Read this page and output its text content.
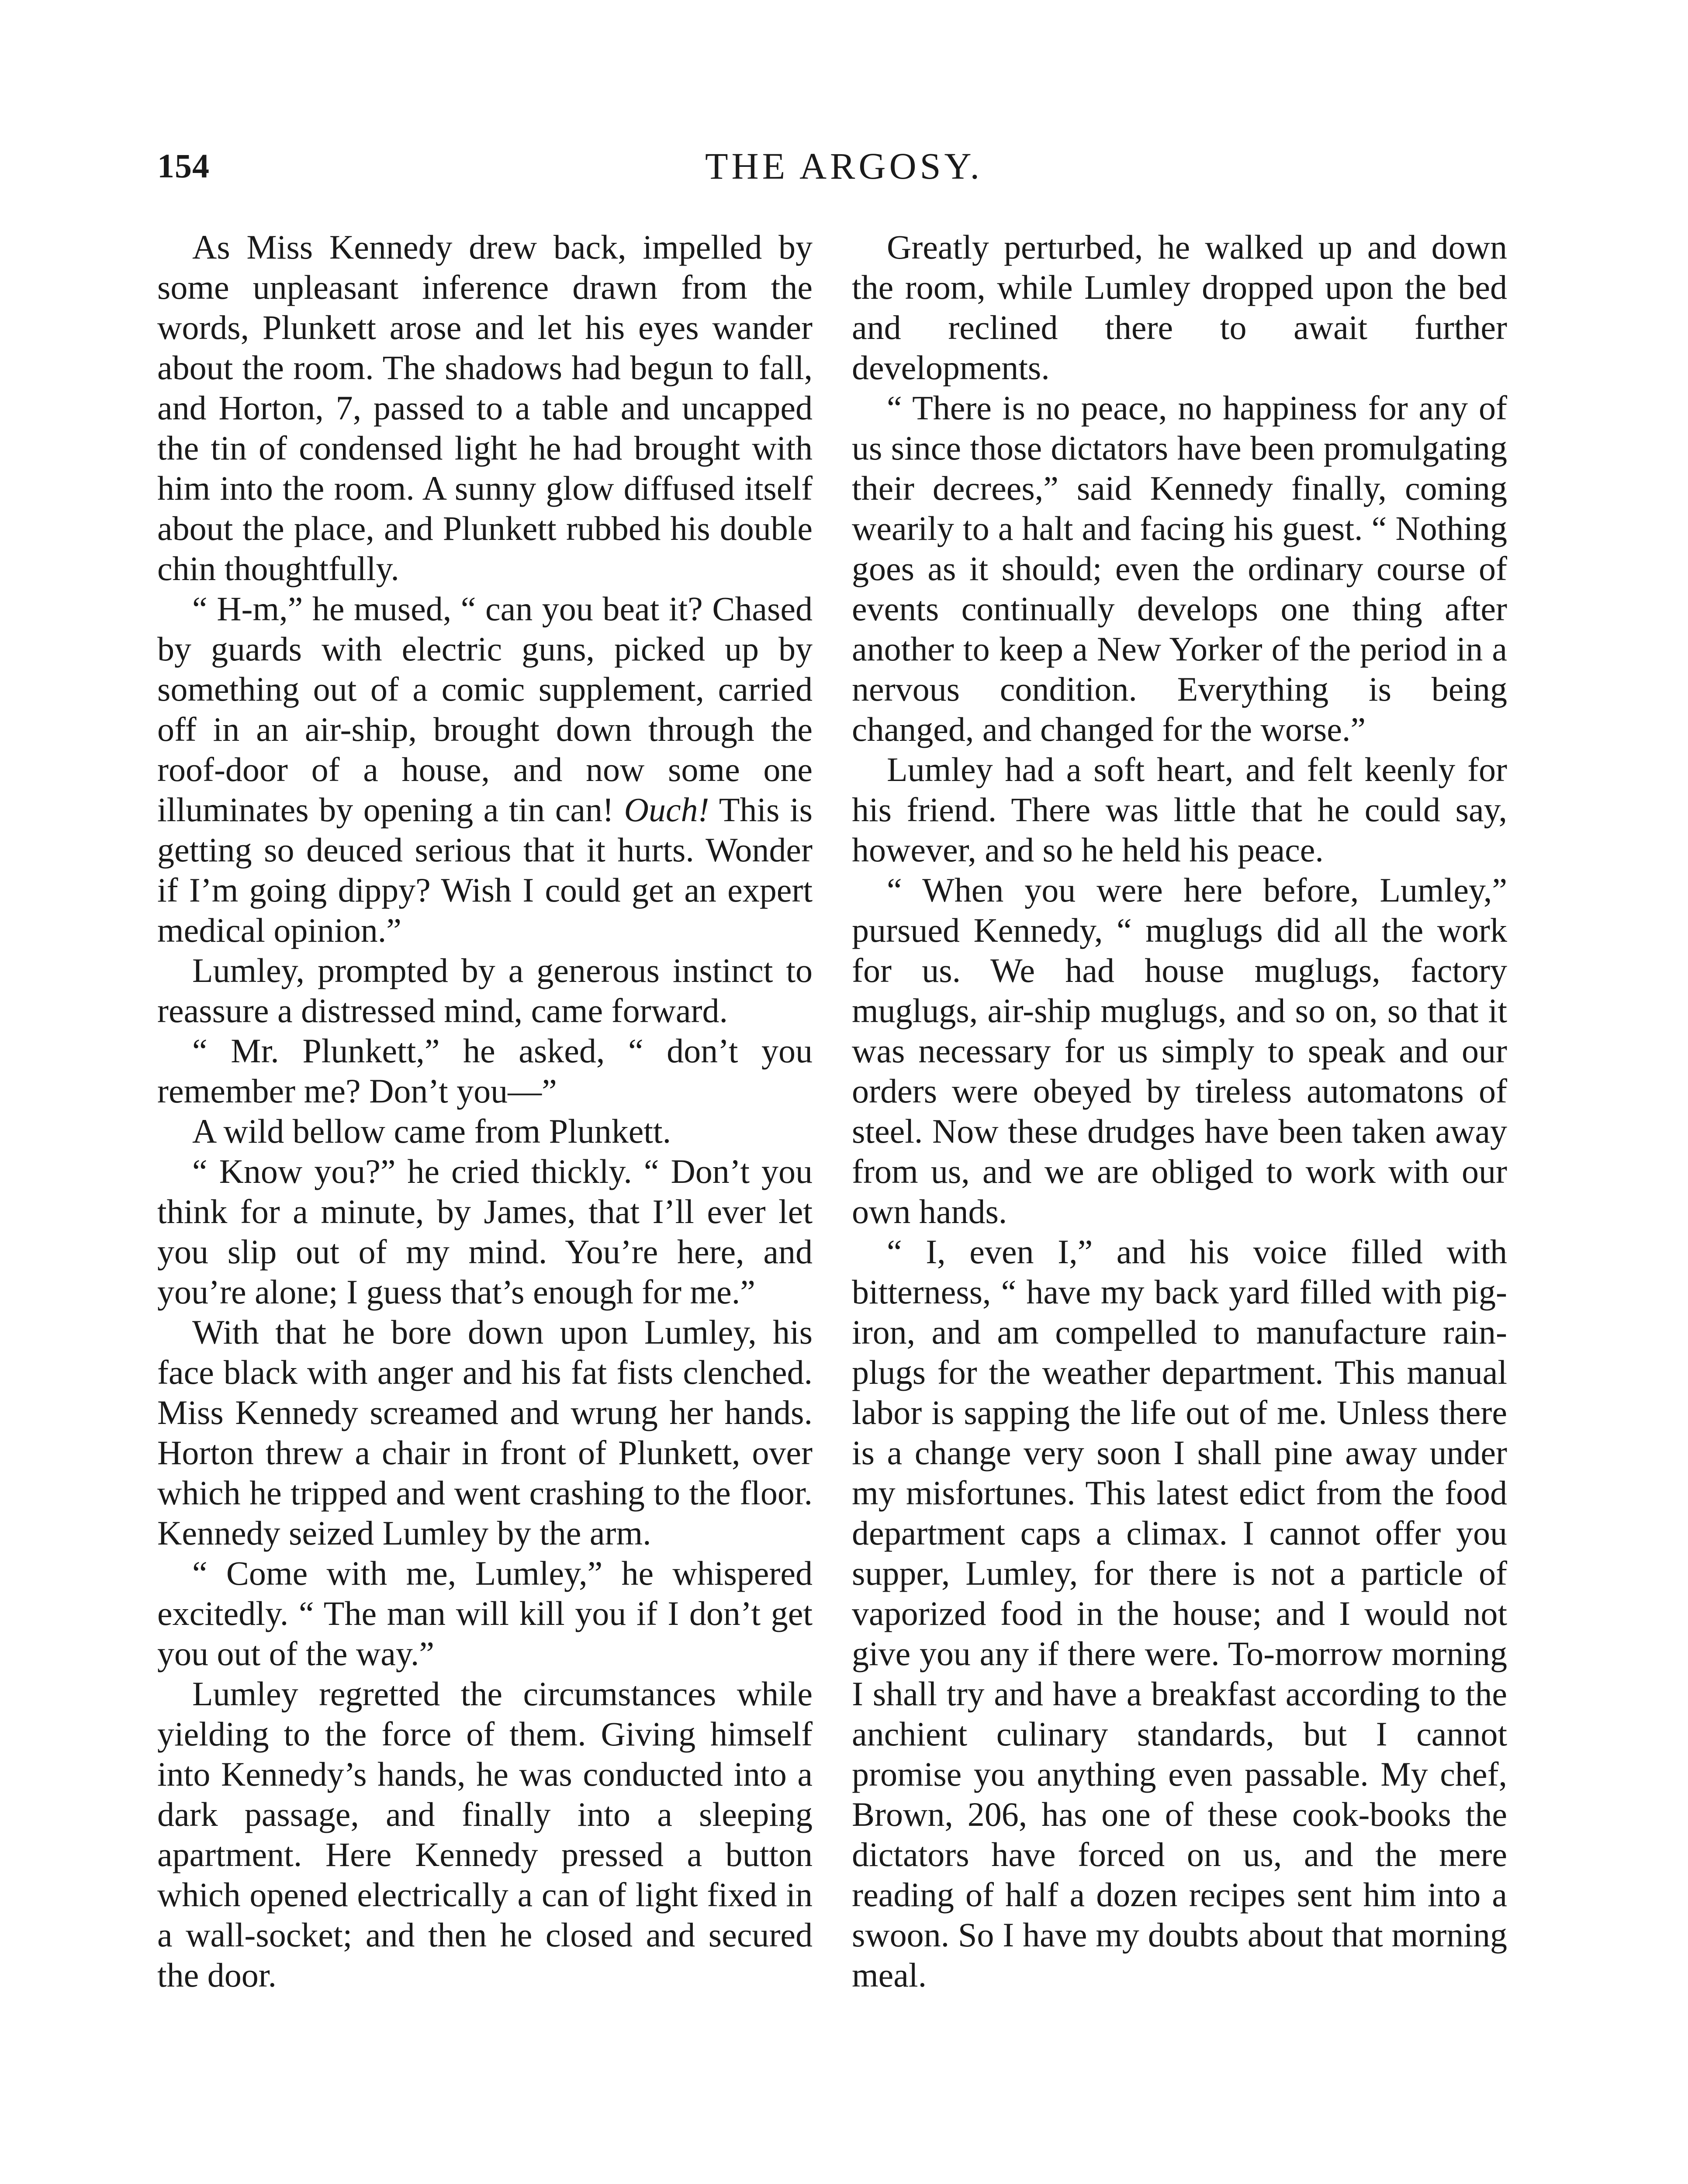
154	THE ARGOSY.

As Miss Kennedy drew back, impelled by some unpleasant inference drawn from the words, Plunkett arose and let his eyes wander about the room. The shadows had begun to fall, and Horton, 7, passed to a table and uncapped the tin of condensed light he had brought with him into the room. A sunny glow diffused itself about the place, and Plunkett rubbed his double chin thoughtfully.

“ H-m,” he mused, “ can you beat it? Chased by guards with electric guns, picked up by something out of a comic supplement, carried off in an air-ship, brought down through the roof-door of a house, and now some one illuminates by opening a tin can! Ouch! This is getting so deuced serious that it hurts. Wonder if I’m going dippy? Wish I could get an expert medical opinion.”

Lumley, prompted by a generous instinct to reassure a distressed mind, came forward.

“ Mr. Plunkett,” he asked, “ don’t you remember me? Don’t you—”

A wild bellow came from Plunkett.

“ Know you?” he cried thickly. “ Don’t you think for a minute, by James, that I’ll ever let you slip out of my mind. You’re here, and you’re alone; I guess that’s enough for me.”

With that he bore down upon Lumley, his face black with anger and his fat fists clenched. Miss Kennedy screamed and wrung her hands. Horton threw a chair in front of Plunkett, over which he tripped and went crashing to the floor. Kennedy seized Lumley by the arm.

“ Come with me, Lumley,” he whispered excitedly. “ The man will kill you if I don’t get you out of the way.”

Lumley regretted the circumstances while yielding to the force of them. Giving himself into Kennedy’s hands, he was conducted into a dark passage, and finally into a sleeping apartment. Here Kennedy pressed a button which opened electrically a can of light fixed in a wall-socket; and then he closed and secured the door.

Greatly perturbed, he walked up and down the room, while Lumley dropped upon the bed and reclined there to await further developments.

“ There is no peace, no happiness for any of us since those dictators have been promulgating their decrees,” said Kennedy finally, coming wearily to a halt and facing his guest. “ Nothing goes as it should; even the ordinary course of events continually develops one thing after another to keep a New Yorker of the period in a nervous condition. Everything is being changed, and changed for the worse.”

Lumley had a soft heart, and felt keenly for his friend. There was little that he could say, however, and so he held his peace.

“ When you were here before, Lumley,” pursued Kennedy, “ muglugs did all the work for us. We had house muglugs, factory muglugs, air-ship muglugs, and so on, so that it was necessary for us simply to speak and our orders were obeyed by tireless automatons of steel. Now these drudges have been taken away from us, and we are obliged to work with our own hands.

“ I, even I,” and his voice filled with bitterness, “ have my back yard filled with pig-iron, and am compelled to manufacture rain-plugs for the weather department. This manual labor is sapping the life out of me. Unless there is a change very soon I shall pine away under my misfortunes. This latest edict from the food department caps a climax. I cannot offer you supper, Lumley, for there is not a particle of vaporized food in the house; and I would not give you any if there were. To-morrow morning I shall try and have a breakfast according to the anchient culinary standards, but I cannot promise you anything even passable. My chef, Brown, 206, has one of these cook-books the dictators have forced on us, and the mere reading of half a dozen recipes sent him into a swoon. So I have my doubts about that morning meal.
